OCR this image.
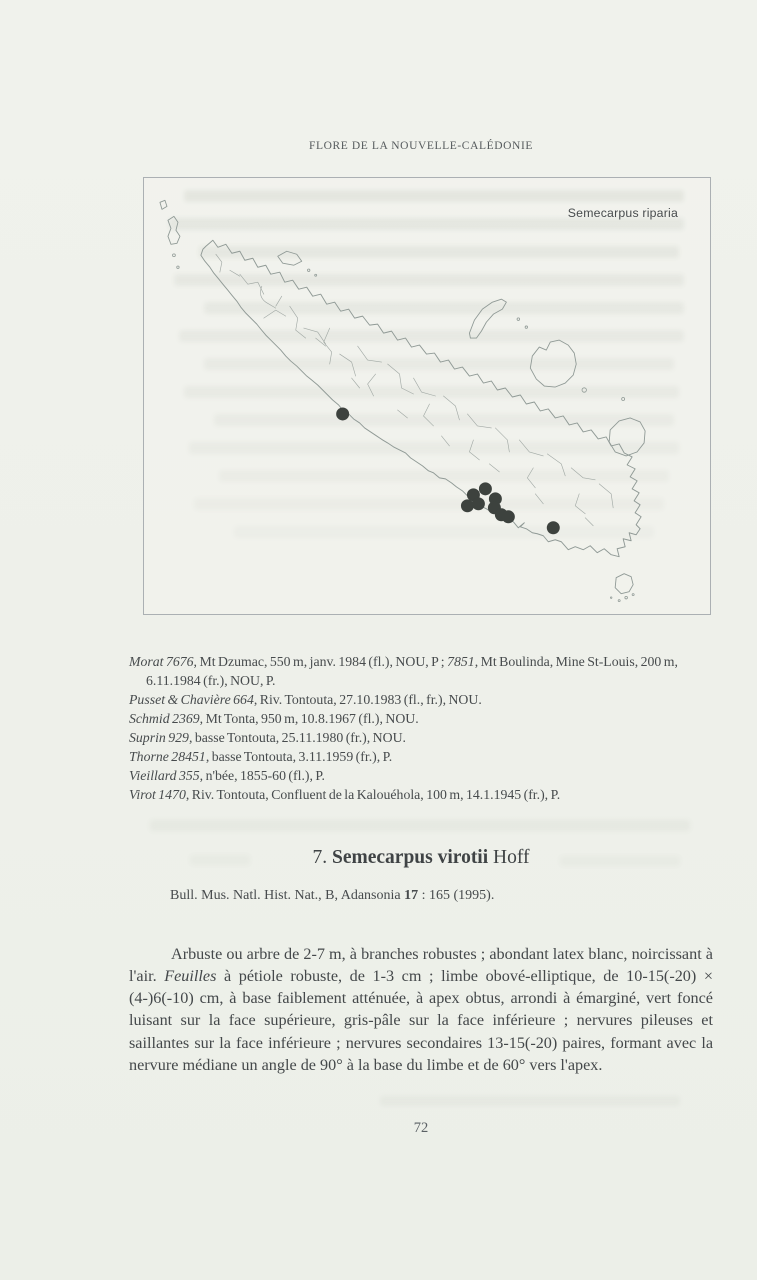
FLORE DE LA NOUVELLE-CALÉDONIE
Semecarpus riparia

Morat 7676, Mt Dzumac, 550 m, janv. 1984 (fl.), NOU, P ; 7851, Mt Boulinda, Mine St-Louis, 200 m, 6.11.1984 (fr.), NOU, P.

Pusset & Chavière 664, Riv. Tontouta, 27.10.1983 (fl., fr.), NOU.

Schmid 2369, Mt Tonta, 950 m, 10.8.1967 (fl.), NOU.

Suprin 929, basse Tontouta, 25.11.1980 (fr.), NOU.

Thorne 28451, basse Tontouta, 3.11.1959 (fr.), P.

Vieillard 355, n'bée, 1855-60 (fl.), P.

Virot 1470, Riv. Tontouta, Confluent de la Kalouéhola, 100 m, 14.1.1945 (fr.), P.

7. Semecarpus virotii Hoff
Bull. Mus. Natl. Hist. Nat., B, Adansonia 17 : 165 (1995).

Arbuste ou arbre de 2-7 m, à branches robustes ; abondant latex blanc, noircissant à l'air. Feuilles à pétiole robuste, de 1-3 cm ; limbe obové-elliptique, de 10-15(-20) × (4-)6(-10) cm, à base faiblement atténuée, à apex obtus, arrondi à émarginé, vert foncé luisant sur la face supérieure, gris-pâle sur la face inférieure ; nervures pileuses et saillantes sur la face inférieure ; nervures secondaires 13-15(-20) paires, formant avec la nervure médiane un angle de 90° à la base du limbe et de 60° vers l'apex.

72
